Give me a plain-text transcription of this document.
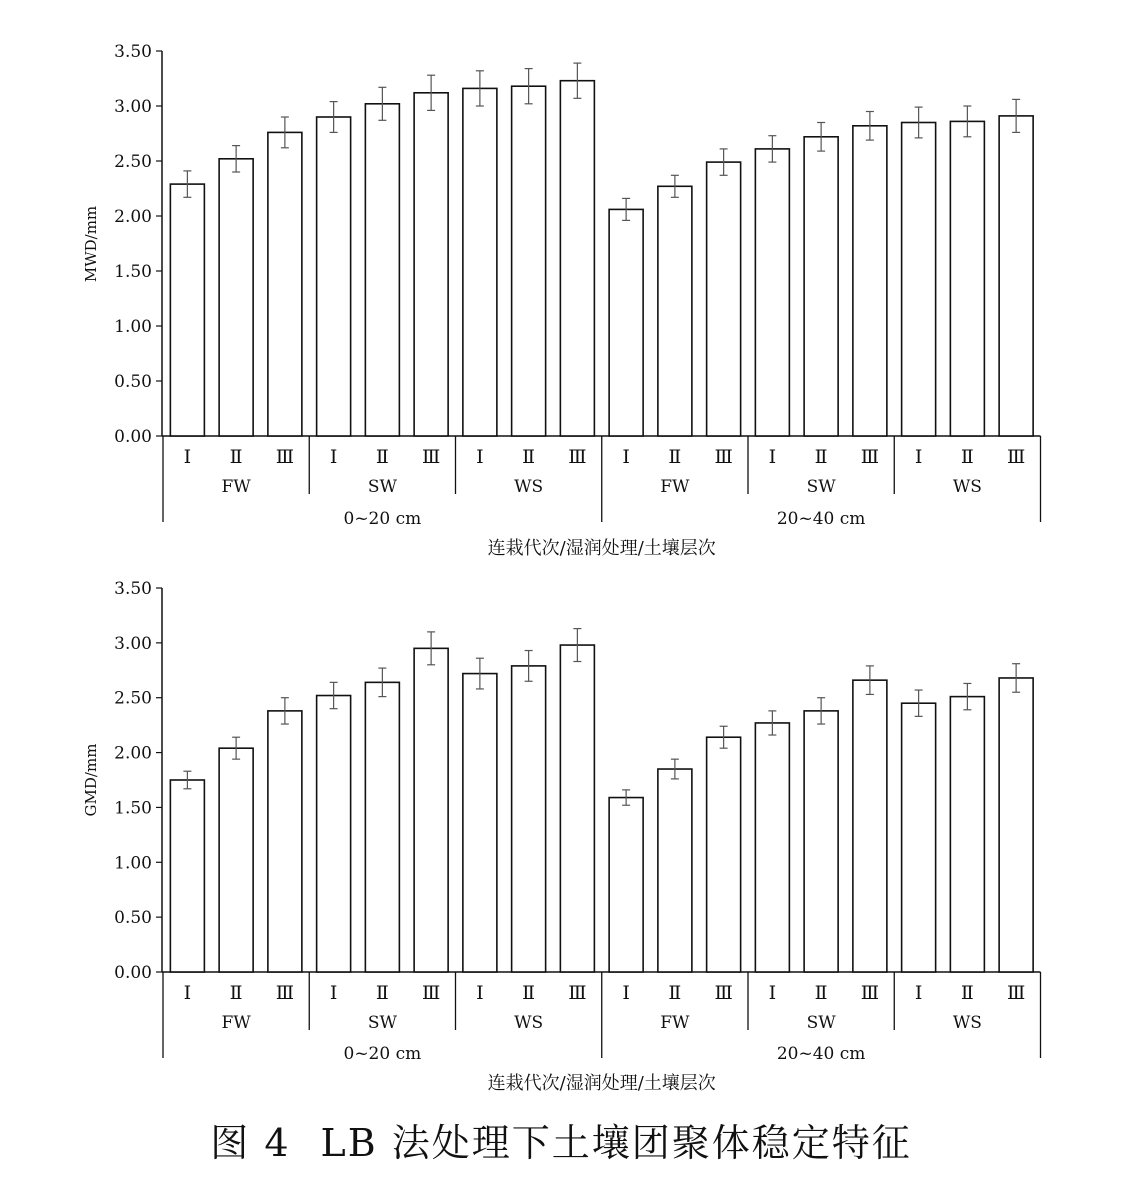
0.00
0.50
1.00
1.50
2.00
2.50
3.00
3.50
MWD/mm
Ⅰ Ⅱ Ⅲ Ⅰ Ⅱ Ⅲ Ⅰ Ⅱ Ⅲ Ⅰ Ⅱ Ⅲ Ⅰ Ⅱ Ⅲ Ⅰ Ⅱ Ⅲ
FW	SW	WS	FW	SW	WS
0~20 cm	20~40 cm
连栽代次/湿润处理/土壤层次
0.00
0.50
1.00
1.50
2.00
2.50
3.00
3.50
GMD/mm
Ⅰ Ⅱ Ⅲ Ⅰ Ⅱ Ⅲ Ⅰ Ⅱ Ⅲ Ⅰ Ⅱ Ⅲ Ⅰ Ⅱ Ⅲ Ⅰ Ⅱ Ⅲ
FW	SW	WS	FW	SW	WS
0~20 cm	20~40 cm
连栽代次/湿润处理/土壤层次
图 4 LB 法处理下土壤团聚体稳定特征
